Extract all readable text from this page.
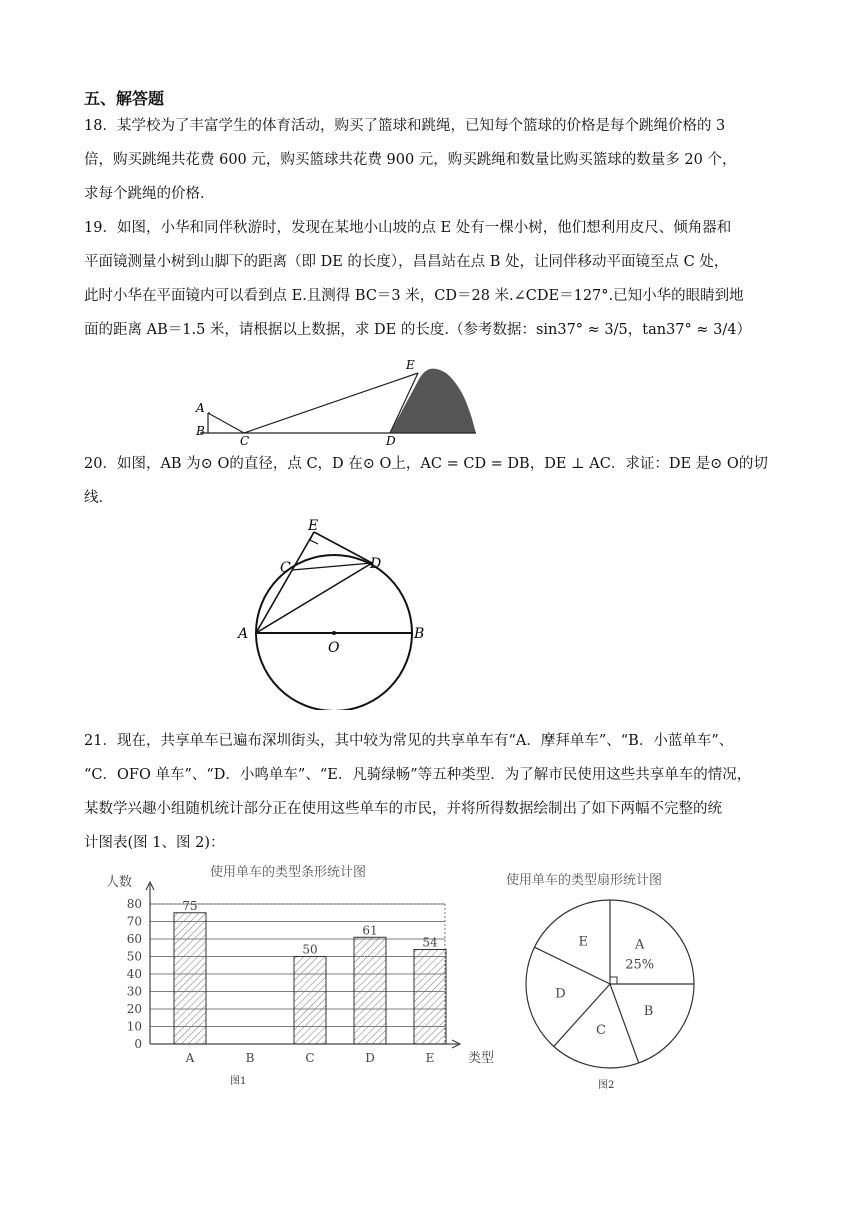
五、解答题
18．某学校为了丰富学生的体育活动，购买了篮球和跳绳，已知每个篮球的价格是每个跳绳价格的 3
倍，购买跳绳共花费 600 元，购买篮球共花费 900 元，购买跳绳和数量比购买篮球的数量多 20 个，
求每个跳绳的价格．
19．如图，小华和同伴秋游时，发现在某地小山坡的点 E 处有一棵小树，他们想利用皮尺、倾角器和
平面镜测量小树到山脚下的距离（即 DE 的长度），昌昌站在点 B 处，让同伴移动平面镜至点 C 处，
此时小华在平面镜内可以看到点 E.且测得 BC＝3 米，CD＝28 米.∠CDE＝127°.已知小华的眼睛到地
面的距离 AB＝1.5 米，请根据以上数据，求 DE 的长度.（参考数据：sin37° ≈ 3/5，tan37° ≈ 3/4）
A
B
C	D
E
20．如图，AB 为⊙ O的直径，点 C，D 在⊙ O上，AC = CD = DB，DE ⊥ AC．求证：DE 是⊙ O的切
线．
E
C	D
A	B
O
21．现在，共享单车已遍布深圳街头，其中较为常见的共享单车有“A．摩拜单车”、“B．小蓝单车”、
“C．OFO 单车”、“D．小鸣单车”、“E．凡骑绿畅”等五种类型．为了解市民使用这些共享单车的情况，
某数学兴趣小组随机统计部分正在使用这些单车的市民，并将所得数据绘制出了如下两幅不完整的统
计图表(图 1、图 2)：
使用单车的类型条形统计图
人数
类型
图1
0
10
20
30
40
50
60
70
80
A
75
B	C
50
D
61
E
54
使用单车的类型扇形统计图
A
B
C
D
E
25%
图2
